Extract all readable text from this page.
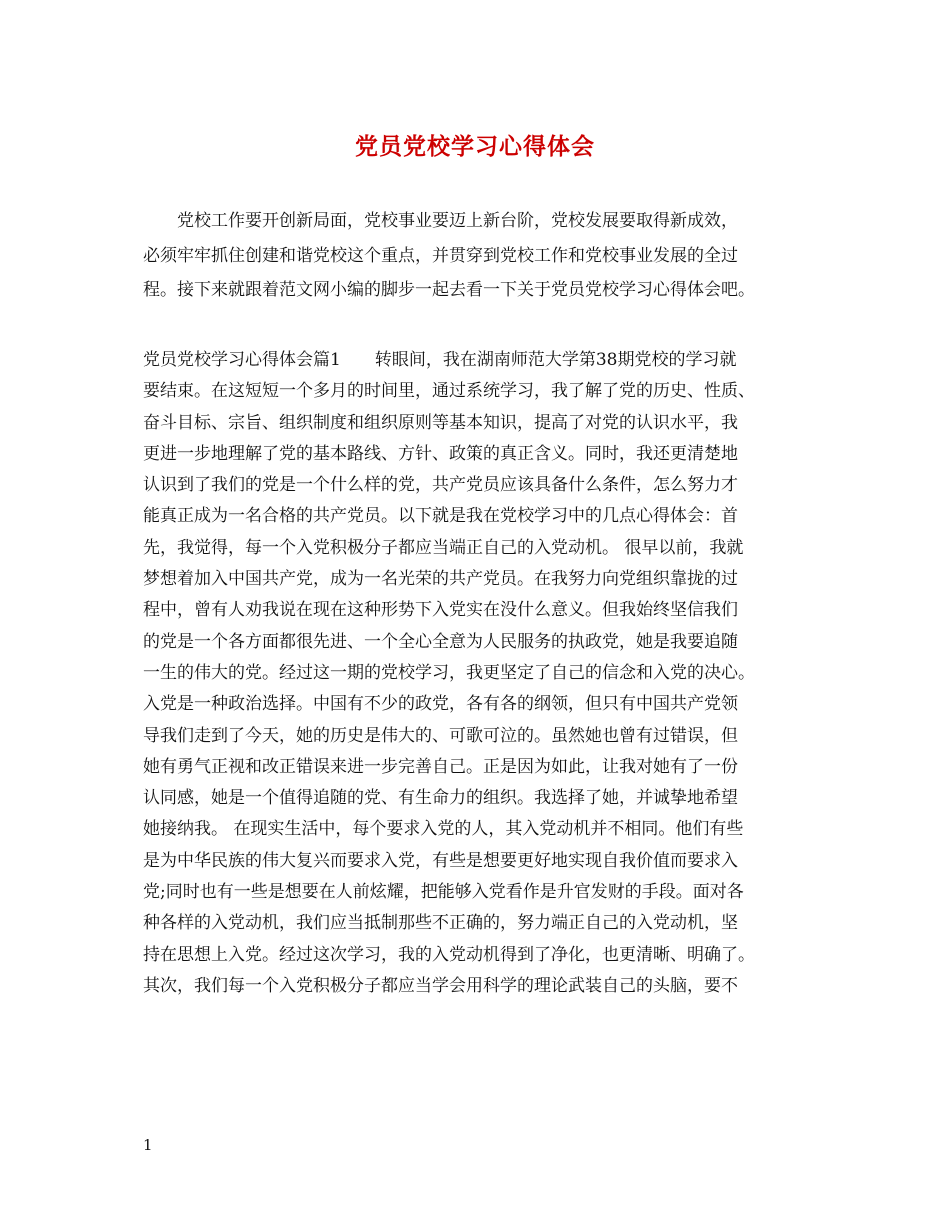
党员党校学习心得体会
　　党校工作要开创新局面，党校事业要迈上新台阶，党校发展要取得新成效，
必须牢牢抓住创建和谐党校这个重点，并贯穿到党校工作和党校事业发展的全过
程。接下来就跟着范文网小编的脚步一起去看一下关于党员党校学习心得体会吧。
党员党校学习心得体会篇1　　转眼间，我在湖南师范大学第38期党校的学习就
要结束。在这短短一个多月的时间里，通过系统学习，我了解了党的历史、性质、
奋斗目标、宗旨、组织制度和组织原则等基本知识，提高了对党的认识水平，我
更进一步地理解了党的基本路线、方针、政策的真正含义。同时，我还更清楚地
认识到了我们的党是一个什么样的党，共产党员应该具备什么条件，怎么努力才
能真正成为一名合格的共产党员。以下就是我在党校学习中的几点心得体会：首
先，我觉得，每一个入党积极分子都应当端正自己的入党动机。 很早以前，我就
梦想着加入中国共产党，成为一名光荣的共产党员。在我努力向党组织靠拢的过
程中，曾有人劝我说在现在这种形势下入党实在没什么意义。但我始终坚信我们
的党是一个各方面都很先进、一个全心全意为人民服务的执政党，她是我要追随
一生的伟大的党。经过这一期的党校学习，我更坚定了自己的信念和入党的决心。
入党是一种政治选择。中国有不少的政党，各有各的纲领，但只有中国共产党领
导我们走到了今天，她的历史是伟大的、可歌可泣的。虽然她也曾有过错误，但
她有勇气正视和改正错误来进一步完善自己。正是因为如此，让我对她有了一份
认同感，她是一个值得追随的党、有生命力的组织。我选择了她，并诚挚地希望
她接纳我。 在现实生活中，每个要求入党的人，其入党动机并不相同。他们有些
是为中华民族的伟大复兴而要求入党，有些是想要更好地实现自我价值而要求入
党;同时也有一些是想要在人前炫耀，把能够入党看作是升官发财的手段。面对各
种各样的入党动机，我们应当抵制那些不正确的，努力端正自己的入党动机，坚
持在思想上入党。经过这次学习，我的入党动机得到了净化，也更清晰、明确了。
其次，我们每一个入党积极分子都应当学会用科学的理论武装自己的头脑，要不
1
